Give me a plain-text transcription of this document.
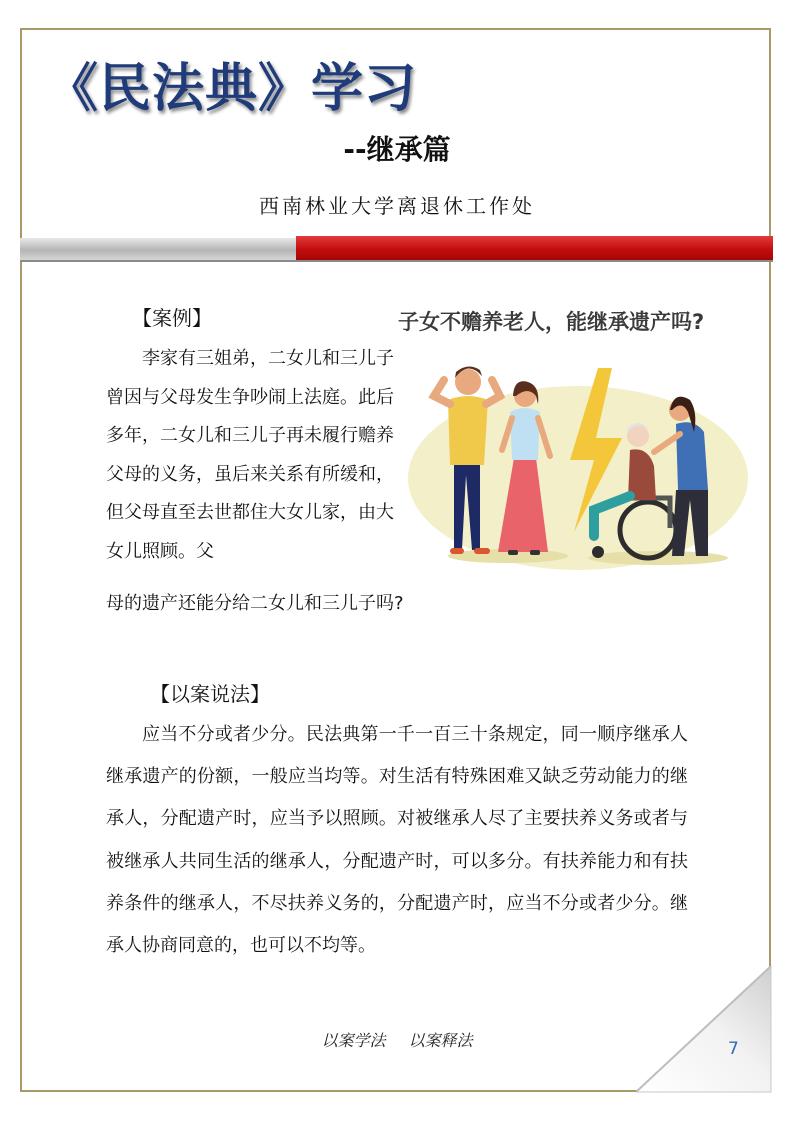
《民法典》学习
--继承篇

西南林业大学离退休工作处

【案例】

李家有三姐弟，二女儿和三儿子曾因与父母发生争吵闹上法庭。此后多年，二女儿和三儿子再未履行赡养父母的义务，虽后来关系有所缓和，但父母直至去世都住大女儿家，由大女儿照顾。父

母的遗产还能分给二女儿和三儿子吗?

子女不赡养老人，能继承遗产吗?

【以案说法】

应当不分或者少分。民法典第一千一百三十条规定，同一顺序继承人继承遗产的份额，一般应当均等。对生活有特殊困难又缺乏劳动能力的继承人，分配遗产时，应当予以照顾。对被继承人尽了主要扶养义务或者与被继承人共同生活的继承人，分配遗产时，可以多分。有扶养能力和有扶养条件的继承人，不尽扶养义务的，分配遗产时，应当不分或者少分。继承人协商同意的，也可以不均等。

以案学法 以案释法	7
